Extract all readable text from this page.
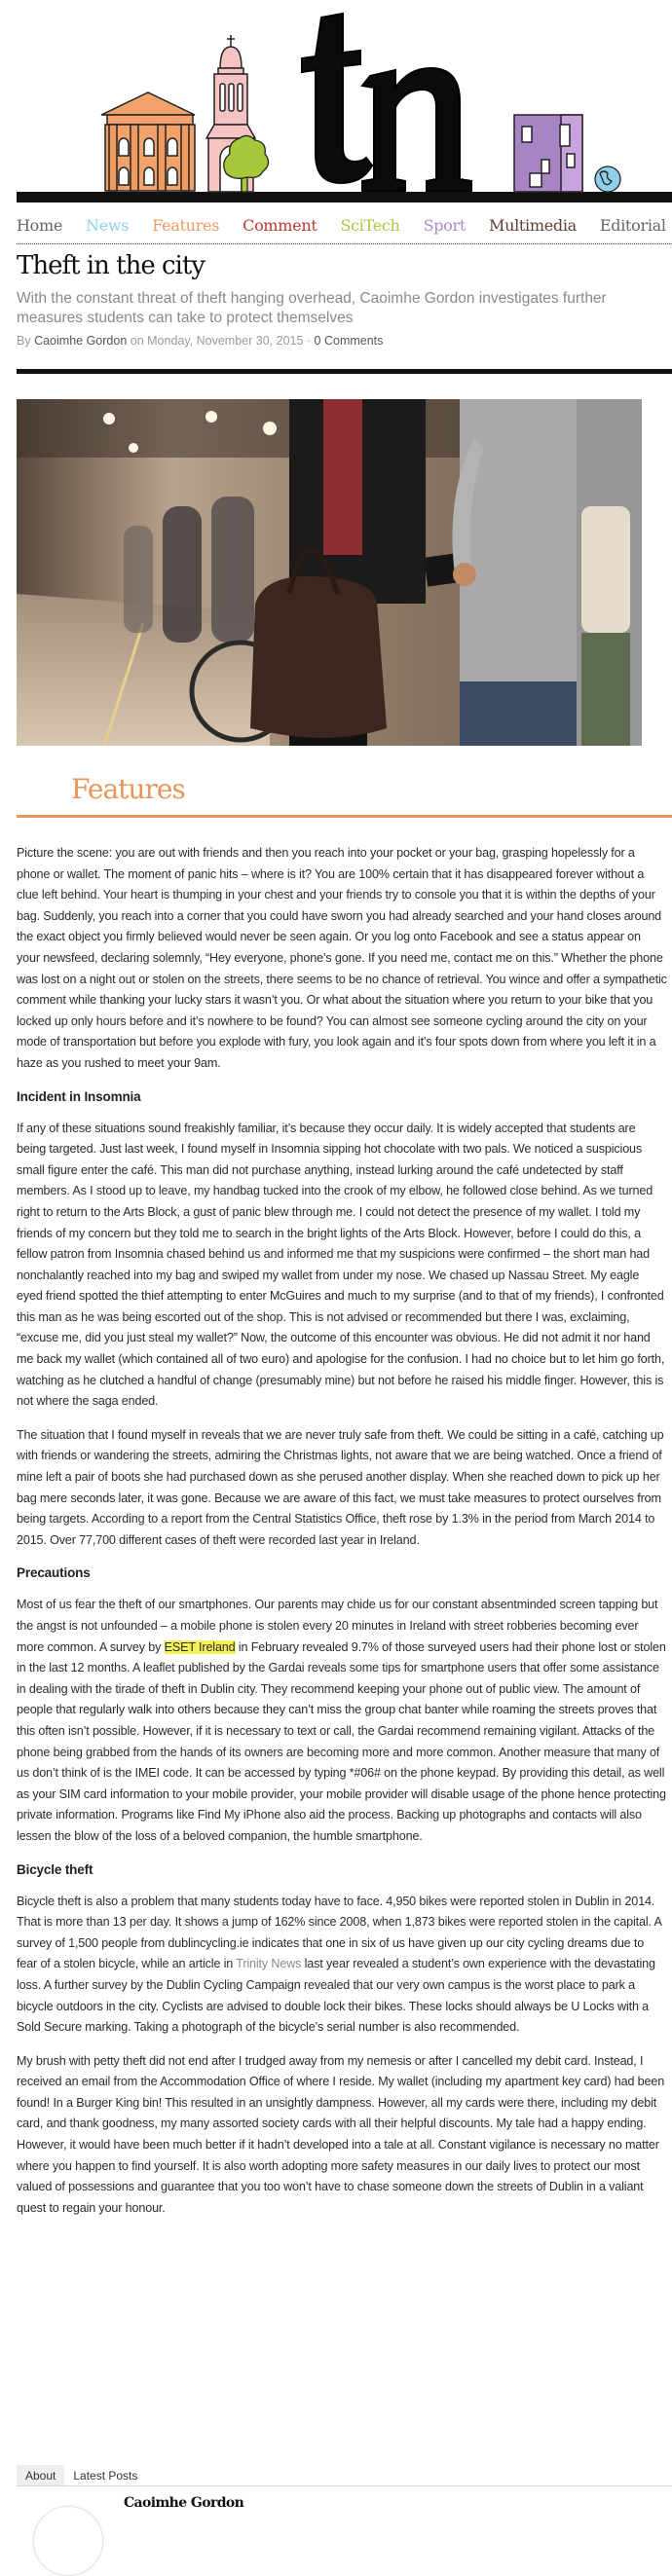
Home News Features Comment SciTech Sport Multimedia Editorial
Theft in the city
With the constant threat of theft hanging overhead, Caoimhe Gordon investigates further measures students can take to protect themselves
By Caoimhe Gordon on Monday, November 30, 2015 · 0 Comments
Features

Picture the scene: you are out with friends and then you reach into your pocket or your bag, grasping hopelessly for a phone or wallet. The moment of panic hits – where is it? You are 100% certain that it has disappeared forever without a clue left behind. Your heart is thumping in your chest and your friends try to console you that it is within the depths of your bag. Suddenly, you reach into a corner that you could have sworn you had already searched and your hand closes around the exact object you firmly believed would never be seen again. Or you log onto Facebook and see a status appear on your newsfeed, declaring solemnly, “Hey everyone, phone’s gone. If you need me, contact me on this.” Whether the phone was lost on a night out or stolen on the streets, there seems to be no chance of retrieval. You wince and offer a sympathetic comment while thanking your lucky stars it wasn’t you. Or what about the situation where you return to your bike that you locked up only hours before and it’s nowhere to be found? You can almost see someone cycling around the city on your mode of transportation but before you explode with fury, you look again and it’s four spots down from where you left it in a haze as you rushed to meet your 9am.

Incident in Insomnia

If any of these situations sound freakishly familiar, it’s because they occur daily. It is widely accepted that students are being targeted. Just last week, I found myself in Insomnia sipping hot chocolate with two pals. We noticed a suspicious small figure enter the café. This man did not purchase anything, instead lurking around the café undetected by staff members. As I stood up to leave, my handbag tucked into the crook of my elbow, he followed close behind. As we turned right to return to the Arts Block, a gust of panic blew through me. I could not detect the presence of my wallet. I told my friends of my concern but they told me to search in the bright lights of the Arts Block. However, before I could do this, a fellow patron from Insomnia chased behind us and informed me that my suspicions were confirmed – the short man had nonchalantly reached into my bag and swiped my wallet from under my nose. We chased up Nassau Street. My eagle eyed friend spotted the thief attempting to enter McGuires and much to my surprise (and to that of my friends), I confronted this man as he was being escorted out of the shop. This is not advised or recommended but there I was, exclaiming, “excuse me, did you just steal my wallet?” Now, the outcome of this encounter was obvious. He did not admit it nor hand me back my wallet (which contained all of two euro) and apologise for the confusion. I had no choice but to let him go forth, watching as he clutched a handful of change (presumably mine) but not before he raised his middle finger. However, this is not where the saga ended.

The situation that I found myself in reveals that we are never truly safe from theft. We could be sitting in a café, catching up with friends or wandering the streets, admiring the Christmas lights, not aware that we are being watched. Once a friend of mine left a pair of boots she had purchased down as she perused another display. When she reached down to pick up her bag mere seconds later, it was gone. Because we are aware of this fact, we must take measures to protect ourselves from being targets. According to a report from the Central Statistics Office, theft rose by 1.3% in the period from March 2014 to 2015. Over 77,700 different cases of theft were recorded last year in Ireland.

Precautions

Most of us fear the theft of our smartphones. Our parents may chide us for our constant absentminded screen tapping but the angst is not unfounded – a mobile phone is stolen every 20 minutes in Ireland with street robberies becoming ever more common. A survey by ESET Ireland in February revealed 9.7% of those surveyed users had their phone lost or stolen in the last 12 months. A leaflet published by the Gardai reveals some tips for smartphone users that offer some assistance in dealing with the tirade of theft in Dublin city. They recommend keeping your phone out of public view. The amount of people that regularly walk into others because they can’t miss the group chat banter while roaming the streets proves that this often isn’t possible. However, if it is necessary to text or call, the Gardai recommend remaining vigilant. Attacks of the phone being grabbed from the hands of its owners are becoming more and more common. Another measure that many of us don’t think of is the IMEI code. It can be accessed by typing *#06# on the phone keypad. By providing this detail, as well as your SIM card information to your mobile provider, your mobile provider will disable usage of the phone hence protecting private information. Programs like Find My iPhone also aid the process. Backing up photographs and contacts will also lessen the blow of the loss of a beloved companion, the humble smartphone.

Bicycle theft

Bicycle theft is also a problem that many students today have to face. 4,950 bikes were reported stolen in Dublin in 2014. That is more than 13 per day. It shows a jump of 162% since 2008, when 1,873 bikes were reported stolen in the capital. A survey of 1,500 people from dublincycling.ie indicates that one in six of us have given up our city cycling dreams due to fear of a stolen bicycle, while an article in Trinity News last year revealed a student’s own experience with the devastating loss. A further survey by the Dublin Cycling Campaign revealed that our very own campus is the worst place to park a bicycle outdoors in the city. Cyclists are advised to double lock their bikes. These locks should always be U Locks with a Sold Secure marking. Taking a photograph of the bicycle’s serial number is also recommended.

My brush with petty theft did not end after I trudged away from my nemesis or after I cancelled my debit card. Instead, I received an email from the Accommodation Office of where I reside. My wallet (including my apartment key card) had been found! In a Burger King bin! This resulted in an unsightly dampness. However, all my cards were there, including my debit card, and thank goodness, my many assorted society cards with all their helpful discounts. My tale had a happy ending. However, it would have been much better if it hadn’t developed into a tale at all. Constant vigilance is necessary no matter where you happen to find yourself. It is also worth adopting more safety measures in our daily lives to protect our most valued of possessions and guarantee that you too won’t have to chase someone down the streets of Dublin in a valiant quest to regain your honour.

About	Latest Posts
Caoimhe Gordon
